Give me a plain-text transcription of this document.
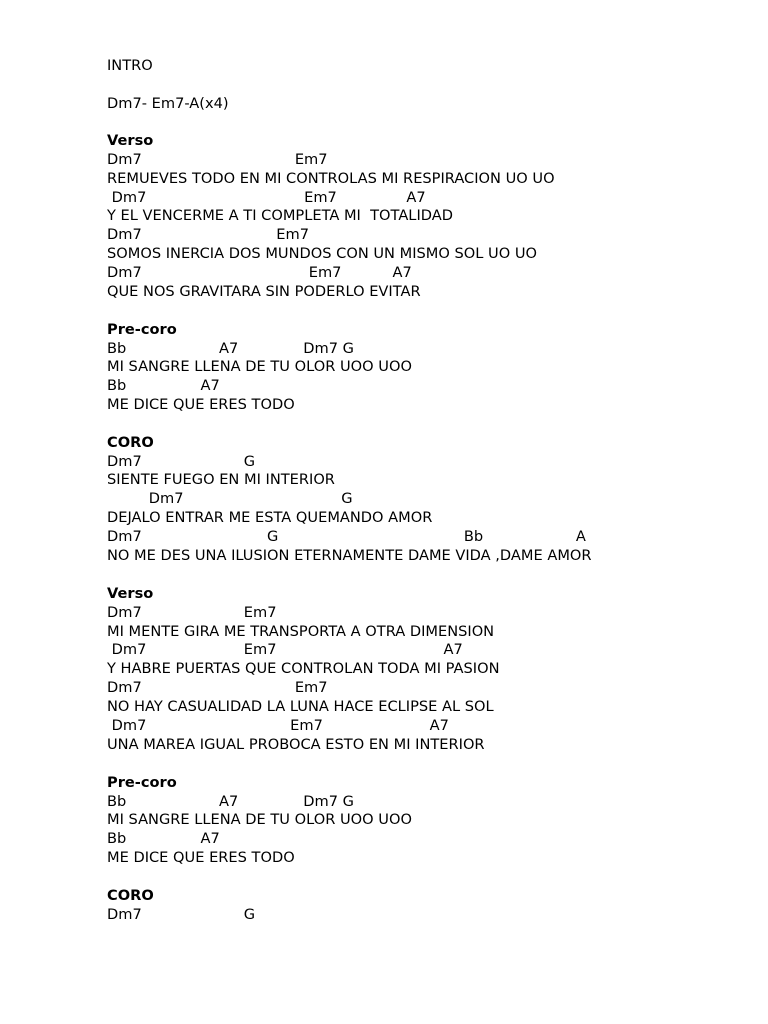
INTRO
Dm7- Em7-A(x4)
Verso
Dm7                                 Em7
REMUEVES TODO EN MI CONTROLAS MI RESPIRACION UO UO
Dm7                                  Em7               A7
Y EL VENCERME A TI COMPLETA MI  TOTALIDAD
Dm7                             Em7
SOMOS INERCIA DOS MUNDOS CON UN MISMO SOL UO UO
Dm7                                    Em7           A7
QUE NOS GRAVITARA SIN PODERLO EVITAR
Pre-coro
Bb                    A7              Dm7 G
MI SANGRE LLENA DE TU OLOR UOO UOO
Bb                A7
ME DICE QUE ERES TODO
CORO
Dm7                      G
SIENTE FUEGO EN MI INTERIOR
Dm7                                  G
DEJALO ENTRAR ME ESTA QUEMANDO AMOR
Dm7                           G                                        Bb                    A
NO ME DES UNA ILUSION ETERNAMENTE DAME VIDA ,DAME AMOR
Verso
Dm7                      Em7
MI MENTE GIRA ME TRANSPORTA A OTRA DIMENSION
Dm7                     Em7                                    A7
Y HABRE PUERTAS QUE CONTROLAN TODA MI PASION
Dm7                                 Em7
NO HAY CASUALIDAD LA LUNA HACE ECLIPSE AL SOL
Dm7                               Em7                       A7
UNA MAREA IGUAL PROBOCA ESTO EN MI INTERIOR
Pre-coro
Bb                    A7              Dm7 G
MI SANGRE LLENA DE TU OLOR UOO UOO
Bb                A7
ME DICE QUE ERES TODO
CORO
Dm7                      G
